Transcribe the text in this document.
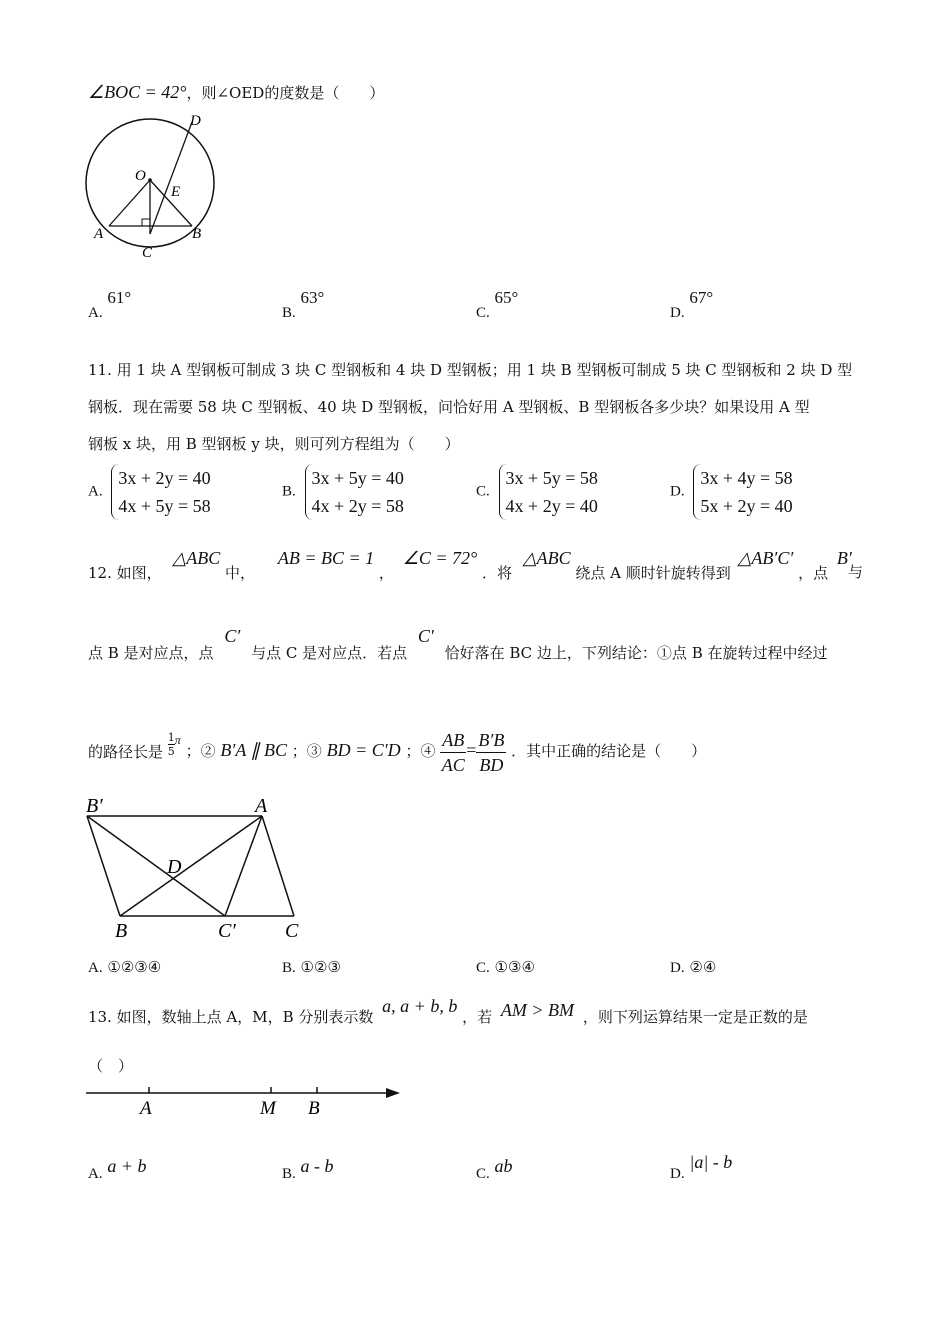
∠BOC = 42°，则∠OED的度数是（　　）
D
O
E
A	B
C
A. 61°
B. 63°
C. 65°
D. 67°
11. 用 1 块 A 型钢板可制成 3 块 C 型钢板和 4 块 D 型钢板；用 1 块 B 型钢板可制成 5 块 C 型钢板和 2 块 D 型
钢板．现在需要 58 块 C 型钢板、40 块 D 型钢板，问恰好用 A 型钢板、B 型钢板各多少块？如果设用 A 型
钢板 x 块，用 B 型钢板 y 块，则可列方程组为（　　）
A.
3x + 2y = 40
4x + 5y = 58
B.
3x + 5y = 40
4x + 2y = 58
C.
3x + 5y = 58
4x + 2y = 40
D.
3x + 4y = 58
5x + 2y = 40
12. 如图， △ABC 中， AB = BC = 1 ， ∠C = 72° ．将 △ABC 绕点 A 顺时针旋转得到 △AB′C′ ，点 B′
与
点 B 是对应点，点 C′ 与点 C 是对应点．若点 C′ 恰好落在 BC 边上，下列结论：①点 B 在旋转过程中经过
的路径长是 $\frac{1}{5} ^\pi$ ；② B′A ∥ BC ；③ BD = C′D ；④ $\frac{AB}{AC} = \frac{B'B}{BD}$ ．其中正确的结论是（　　）
B′	A
D
B	C′ C
A. ①②③④	B. ①②③	C. ①③④	D. ②④
13. 如图，数轴上点 A，M，B 分别表示数 a, a + b, b ，若 AM > BM ，则下列运算结果一定是正数的是
（　）
A	M B
A. a + b	B. a - b	C. ab	D. |a| - b
